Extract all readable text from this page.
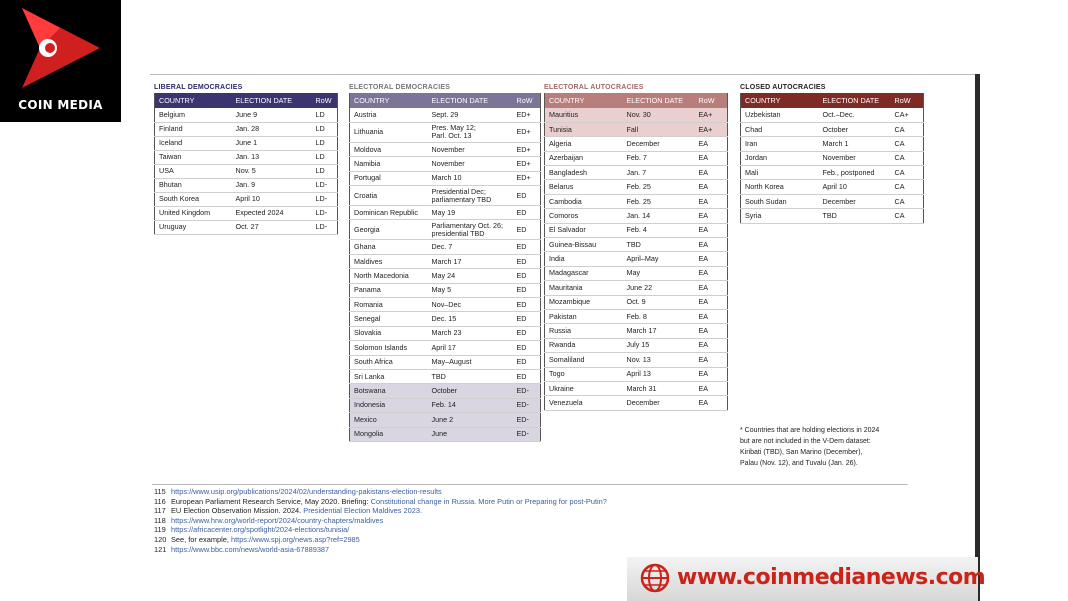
COIN MEDIA
LIBERAL DEMOCRACIES
COUNTRY	ELECTION DATE	RoW
Belgium	June 9	LD
Finland	Jan. 28	LD
Iceland	June 1	LD
Taiwan	Jan. 13	LD
USA	Nov. 5	LD
Bhutan	Jan. 9	LD-
South Korea	April 10	LD-
United Kingdom	Expected 2024	LD-
Uruguay	Oct. 27	LD-
ELECTORAL DEMOCRACIES
COUNTRY	ELECTION DATE	RoW
Austria	Sept. 29	ED+
Lithuania	Pres. May 12;
Parl. Oct. 13	ED+
Moldova	November	ED+
Namibia	November	ED+
Portugal	March 10	ED+
Croatia	Presidential Dec;
parliamentary TBD	ED
Dominican Republic	May 19	ED
Georgia	Parliamentary Oct. 26;
presidential TBD	ED
Ghana	Dec. 7	ED
Maldives	March 17	ED
North Macedonia	May 24	ED
Panama	May 5	ED
Romania	Nov–Dec	ED
Senegal	Dec. 15	ED
Slovakia	March 23	ED
Solomon Islands	April 17	ED
South Africa	May–August	ED
Sri Lanka	TBD	ED
Botswana	October	ED-
Indonesia	Feb. 14	ED-
Mexico	June 2	ED-
Mongolia	June	ED-
ELECTORAL AUTOCRACIES
COUNTRY	ELECTION DATE	RoW
Mauritius	Nov. 30	EA+
Tunisia	Fall	EA+
Algeria	December	EA
Azerbaijan	Feb. 7	EA
Bangladesh	Jan. 7	EA
Belarus	Feb. 25	EA
Cambodia	Feb. 25	EA
Comoros	Jan. 14	EA
El Salvador	Feb. 4	EA
Guinea-Bissau	TBD	EA
India	April–May	EA
Madagascar	May	EA
Mauritania	June 22	EA
Mozambique	Oct. 9	EA
Pakistan	Feb. 8	EA
Russia	March 17	EA
Rwanda	July 15	EA
Somaliland	Nov. 13	EA
Togo	April 13	EA
Ukraine	March 31	EA
Venezuela	December	EA
CLOSED AUTOCRACIES
COUNTRY	ELECTION DATE	RoW
Uzbekistan	Oct.–Dec.	CA+
Chad	October	CA
Iran	March 1	CA
Jordan	November	CA
Mali	Feb., postponed	CA
North Korea	April 10	CA
South Sudan	December	CA
Syria	TBD	CA
* Countries that are holding elections in 2024
but are not included in the V-Dem dataset:
Kiribati (TBD), San Marino (December),
Palau (Nov. 12), and Tuvalu (Jan. 26).
115 https://www.usip.org/publications/2024/02/understanding-pakistans-election-results
116 European Parliament Research Service, May 2020. Briefing: Constitutional change in Russia. More Putin or Preparing for post-Putin?
117 EU Election Observation Mission. 2024. Presidential Election Maldives 2023.
118 https://www.hrw.org/world-report/2024/country-chapters/maldives
119 https://africacenter.org/spotlight/2024-elections/tunisia/
120 See, for example, https://www.spj.org/news.asp?ref=2985
121 https://www.bbc.com/news/world-asia-67889387
www.coinmedianews.com
